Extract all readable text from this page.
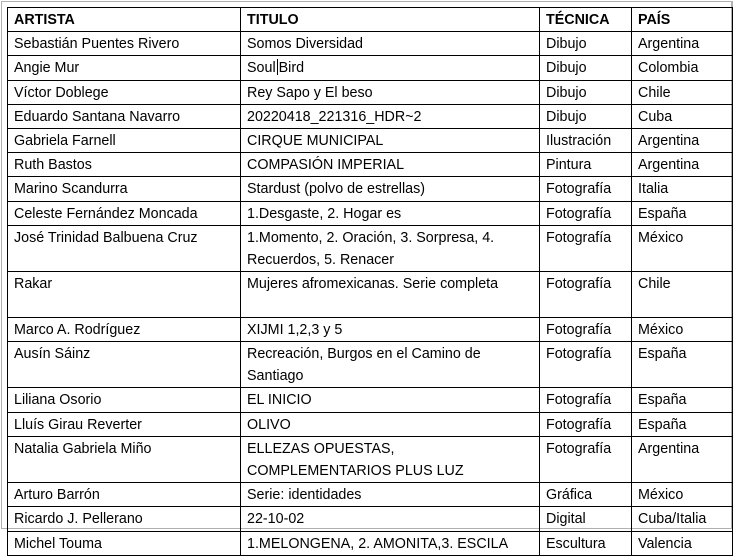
ARTISTA	TITULO	TÉCNICA	PAÍS
Sebastián Puentes Rivero	Somos Diversidad	Dibujo	Argentina
Angie Mur	Soul Bird	Dibujo	Colombia
Víctor Doblege	Rey Sapo y El beso	Dibujo	Chile
Eduardo Santana Navarro	20220418_221316_HDR~2	Dibujo	Cuba
Gabriela Farnell	CIRQUE MUNICIPAL	Ilustración	Argentina
Ruth Bastos	COMPASIÓN IMPERIAL	Pintura	Argentina
Marino Scandurra	Stardust (polvo de estrellas)	Fotografía	Italia
Celeste Fernández Moncada	1.Desgaste, 2. Hogar es	Fotografía	España
José Trinidad Balbuena Cruz	1.Momento, 2. Oración, 3. Sorpresa, 4. Recuerdos, 5. Renacer	Fotografía	México
Rakar	Mujeres afromexicanas. Serie completa	Fotografía	Chile
Marco A. Rodríguez	XIJMI 1,2,3 y 5	Fotografía	México
Ausín Sáinz	Recreación, Burgos en el Camino de Santiago	Fotografía	España
Liliana Osorio	EL INICIO	Fotografía	España
Lluís Girau Reverter	OLIVO	Fotografía	España
Natalia Gabriela Miño	ELLEZAS OPUESTAS, COMPLEMENTARIOS PLUS LUZ	Fotografía	Argentina
Arturo Barrón	Serie: identidades	Gráfica	México
Ricardo J. Pellerano	22-10-02	Digital	Cuba/Italia
Michel Touma	1.MELONGENA, 2. AMONITA,3. ESCILA	Escultura	Valencia
